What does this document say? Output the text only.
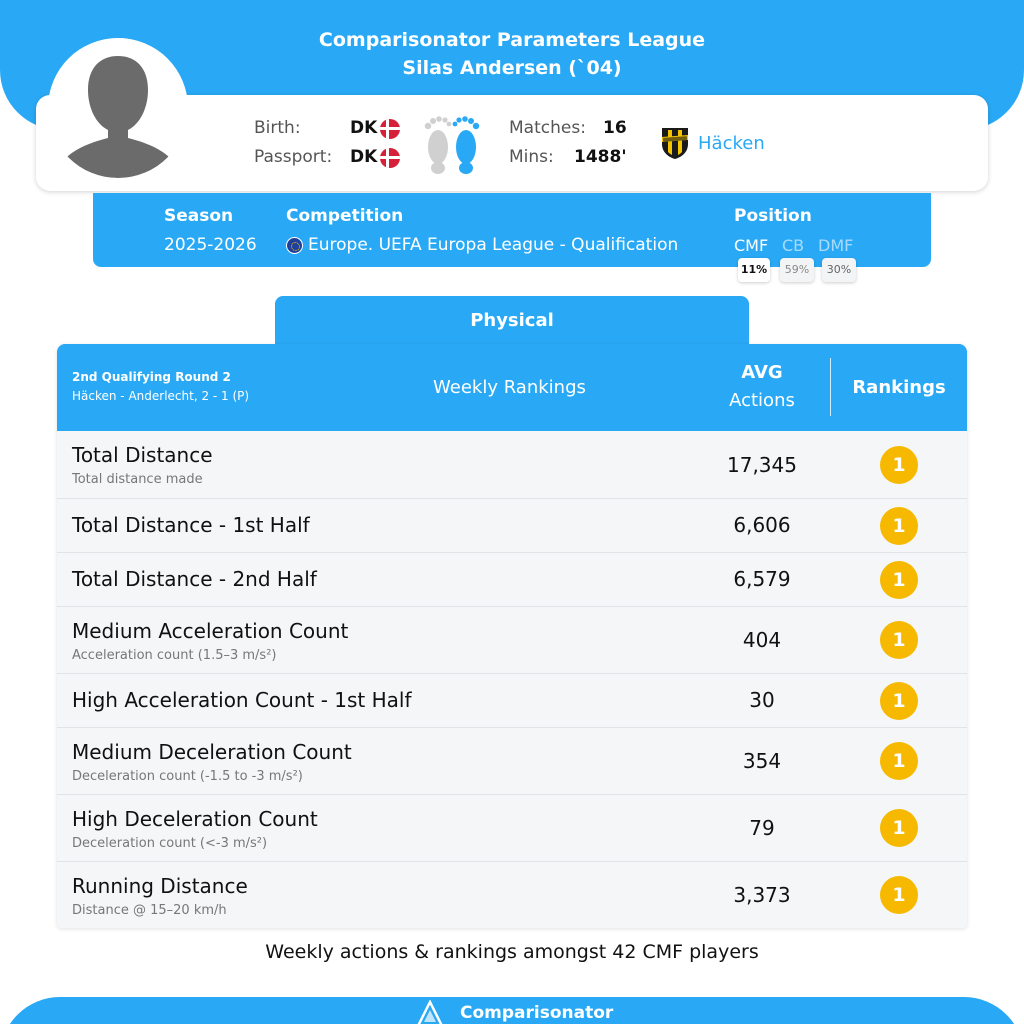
Comparisonator Parameters League
Silas Andersen (`04)
Birth:	DK
Passport: DK
Matches: 16
Mins: 1488'
Häcken
Season
2025-2026
Competition
Europe. UEFA Europa League - Qualification
Position
CMF CB DMF
11%	59%	30%
Physical
2nd Qualifying Round 2
Häcken - Anderlecht, 2 - 1 (P)	Weekly Rankings
AVG
Actions
Rankings
Total Distance
Total distance made
17,345	1
Total Distance - 1st Half	6,606	1
Total Distance - 2nd Half	6,579	1
Medium Acceleration Count
Acceleration count (1.5–3 m/s²)
404	1
High Acceleration Count - 1st Half	30	1
Medium Deceleration Count
Deceleration count (-1.5 to -3 m/s²)
354	1
High Deceleration Count
Deceleration count (<-3 m/s²)
79	1
Running Distance
Distance @ 15–20 km/h
3,373	1
Weekly actions & rankings amongst 42 CMF players
Comparisonator
